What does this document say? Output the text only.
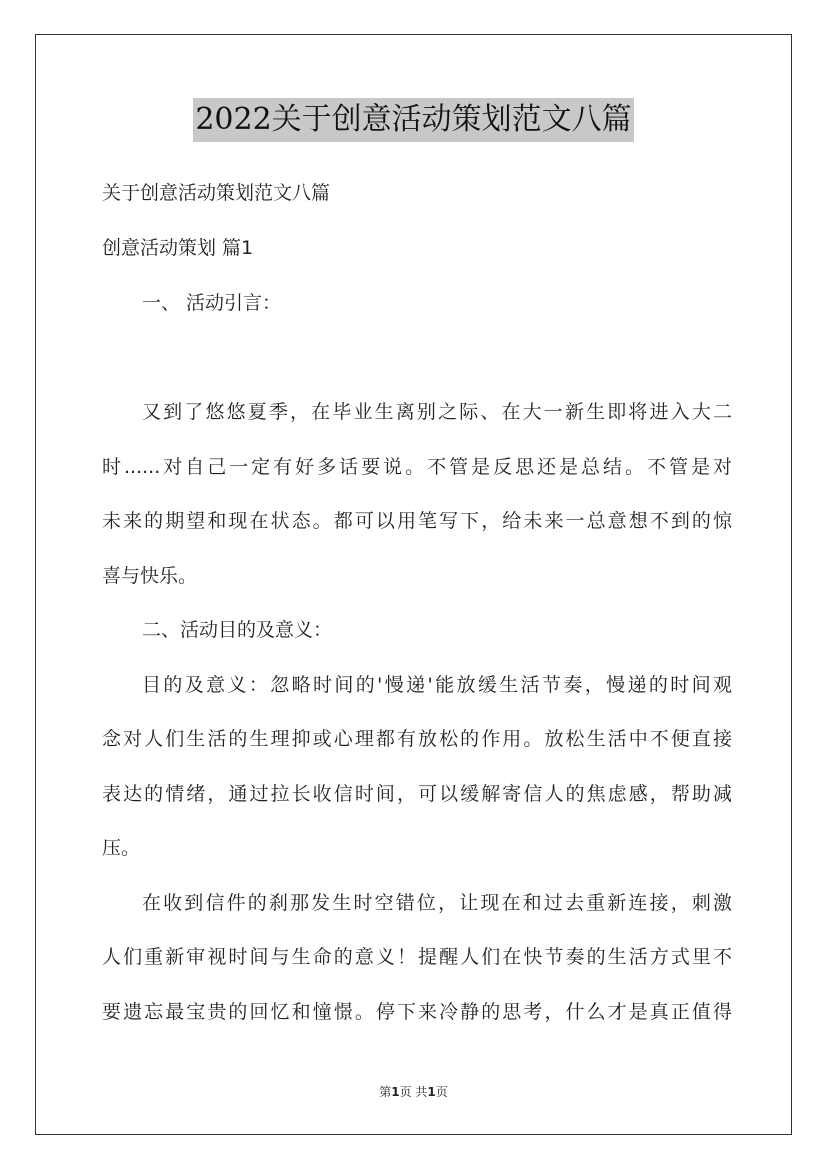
2022关于创意活动策划范文八篇
关于创意活动策划范文八篇
创意活动策划 篇1
一、 活动引言：
又到了悠悠夏季，在毕业生离别之际、在大一新生即将进入大二
时......对自己一定有好多话要说。不管是反思还是总结。不管是对
未来的期望和现在状态。都可以用笔写下，给未来一总意想不到的惊
喜与快乐。
二、活动目的及意义：
目的及意义：忽略时间的'慢递'能放缓生活节奏，慢递的时间观
念对人们生活的生理抑或心理都有放松的作用。放松生活中不便直接
表达的情绪，通过拉长收信时间，可以缓解寄信人的焦虑感，帮助减
压。
在收到信件的刹那发生时空错位，让现在和过去重新连接，刺激
人们重新审视时间与生命的意义！提醒人们在快节奏的生活方式里不
要遗忘最宝贵的回忆和憧憬。停下来冷静的思考，什么才是真正值得
第1页 共1页
